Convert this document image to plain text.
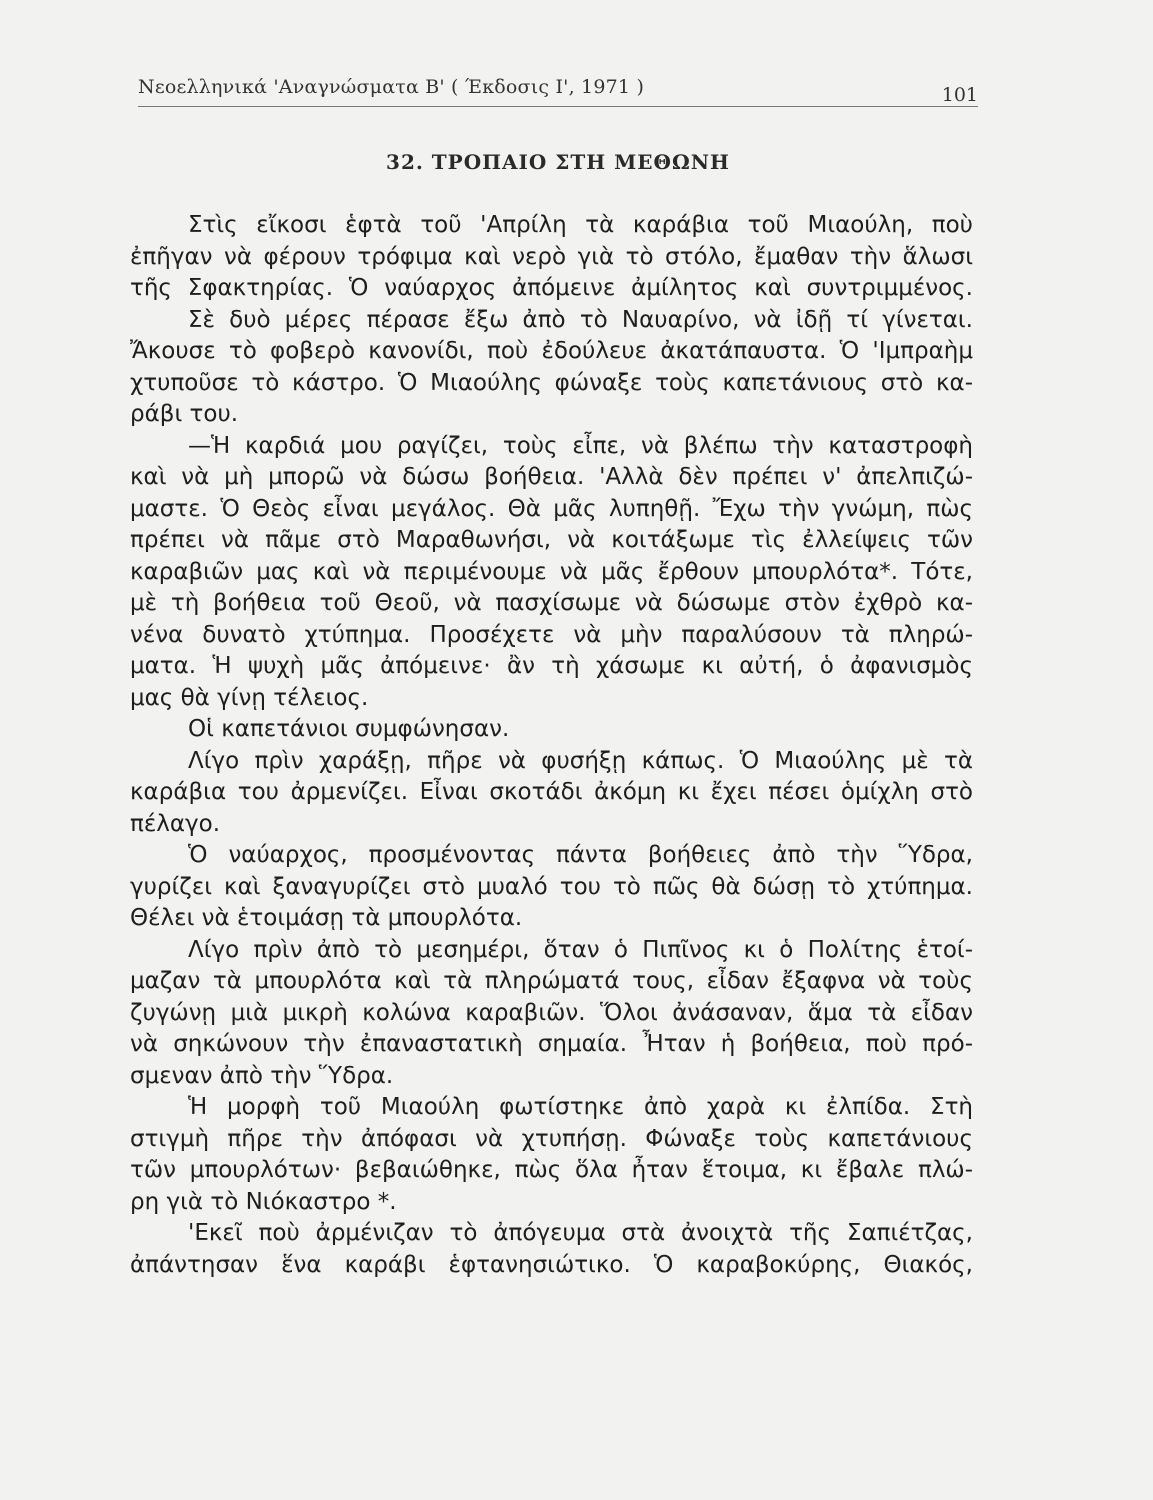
Νεοελληνικά 'Αναγνώσματα Β' ( Έκδοσις Ι', 1971 )	101
32. ΤΡΟΠΑΙΟ ΣΤΗ ΜΕΘΩΝΗ
Στὶς εἴκοσι ἑφτὰ τοῦ 'Απρίλη τὰ καράβια τοῦ Μιαούλη, ποὺ
ἐπῆγαν νὰ φέρουν τρόφιμα καὶ νερὸ γιὰ τὸ στόλο, ἔμαθαν τὴν ἅλωσι
τῆς Σφακτηρίας. Ὁ ναύαρχος ἀπόμεινε ἀμίλητος καὶ συντριμμένος.
Σὲ δυὸ μέρες πέρασε ἔξω ἀπὸ τὸ Ναυαρίνο, νὰ ἰδῇ τί γίνεται.
Ἄκουσε τὸ φοβερὸ κανονίδι, ποὺ ἐδούλευε ἀκατάπαυστα. Ὁ 'Ιμπραὴμ
χτυποῦσε τὸ κάστρο. Ὁ Μιαούλης φώναξε τοὺς καπετάνιους στὸ κα-
ράβι του.
—Ἡ καρδιά μου ραγίζει, τοὺς εἶπε, νὰ βλέπω τὴν καταστροφὴ
καὶ νὰ μὴ μπορῶ νὰ δώσω βοήθεια. 'Αλλὰ δὲν πρέπει ν' ἀπελπιζώ-
μαστε. Ὁ Θεὸς εἶναι μεγάλος. Θὰ μᾶς λυπηθῇ. Ἔχω τὴν γνώμη, πὼς
πρέπει νὰ πᾶμε στὸ Μαραθωνήσι, νὰ κοιτάξωμε τὶς ἐλλείψεις τῶν
καραβιῶν μας καὶ νὰ περιμένουμε νὰ μᾶς ἔρθουν μπουρλότα*. Τότε,
μὲ τὴ βοήθεια τοῦ Θεοῦ, νὰ πασχίσωμε νὰ δώσωμε στὸν ἐχθρὸ κα-
νένα δυνατὸ χτύπημα. Προσέχετε νὰ μὴν παραλύσουν τὰ πληρώ-
ματα. Ἡ ψυχὴ μᾶς ἀπόμεινε· ἂν τὴ χάσωμε κι αὐτή, ὁ ἀφανισμὸς
μας θὰ γίνῃ τέλειος.
Οἱ καπετάνιοι συμφώνησαν.
Λίγο πρὶν χαράξῃ, πῆρε νὰ φυσήξῃ κάπως. Ὁ Μιαούλης μὲ τὰ
καράβια του ἀρμενίζει. Εἶναι σκοτάδι ἀκόμη κι ἔχει πέσει ὁμίχλη στὸ
πέλαγο.
Ὁ ναύαρχος, προσμένοντας πάντα βοήθειες ἀπὸ τὴν Ὕδρα,
γυρίζει καὶ ξαναγυρίζει στὸ μυαλό του τὸ πῶς θὰ δώσῃ τὸ χτύπημα.
Θέλει νὰ ἑτοιμάσῃ τὰ μπουρλότα.
Λίγο πρὶν ἀπὸ τὸ μεσημέρι, ὅταν ὁ Πιπῖνος κι ὁ Πολίτης ἑτοί-
μαζαν τὰ μπουρλότα καὶ τὰ πληρώματά τους, εἶδαν ἔξαφνα νὰ τοὺς
ζυγώνῃ μιὰ μικρὴ κολώνα καραβιῶν. Ὅλοι ἀνάσαναν, ἅμα τὰ εἶδαν
νὰ σηκώνουν τὴν ἐπαναστατικὴ σημαία. Ἦταν ἡ βοήθεια, ποὺ πρό-
σμεναν ἀπὸ τὴν Ὕδρα.
Ἡ μορφὴ τοῦ Μιαούλη φωτίστηκε ἀπὸ χαρὰ κι ἐλπίδα. Στὴ
στιγμὴ πῆρε τὴν ἀπόφασι νὰ χτυπήσῃ. Φώναξε τοὺς καπετάνιους
τῶν μπουρλότων· βεβαιώθηκε, πὼς ὅλα ἦταν ἕτοιμα, κι ἔβαλε πλώ-
ρη γιὰ τὸ Νιόκαστρο *.
'Εκεῖ ποὺ ἀρμένιζαν τὸ ἀπόγευμα στὰ ἀνοιχτὰ τῆς Σαπιέτζας,
ἀπάντησαν ἕνα καράβι ἑφτανησιώτικο. Ὁ καραβοκύρης, Θιακός,
